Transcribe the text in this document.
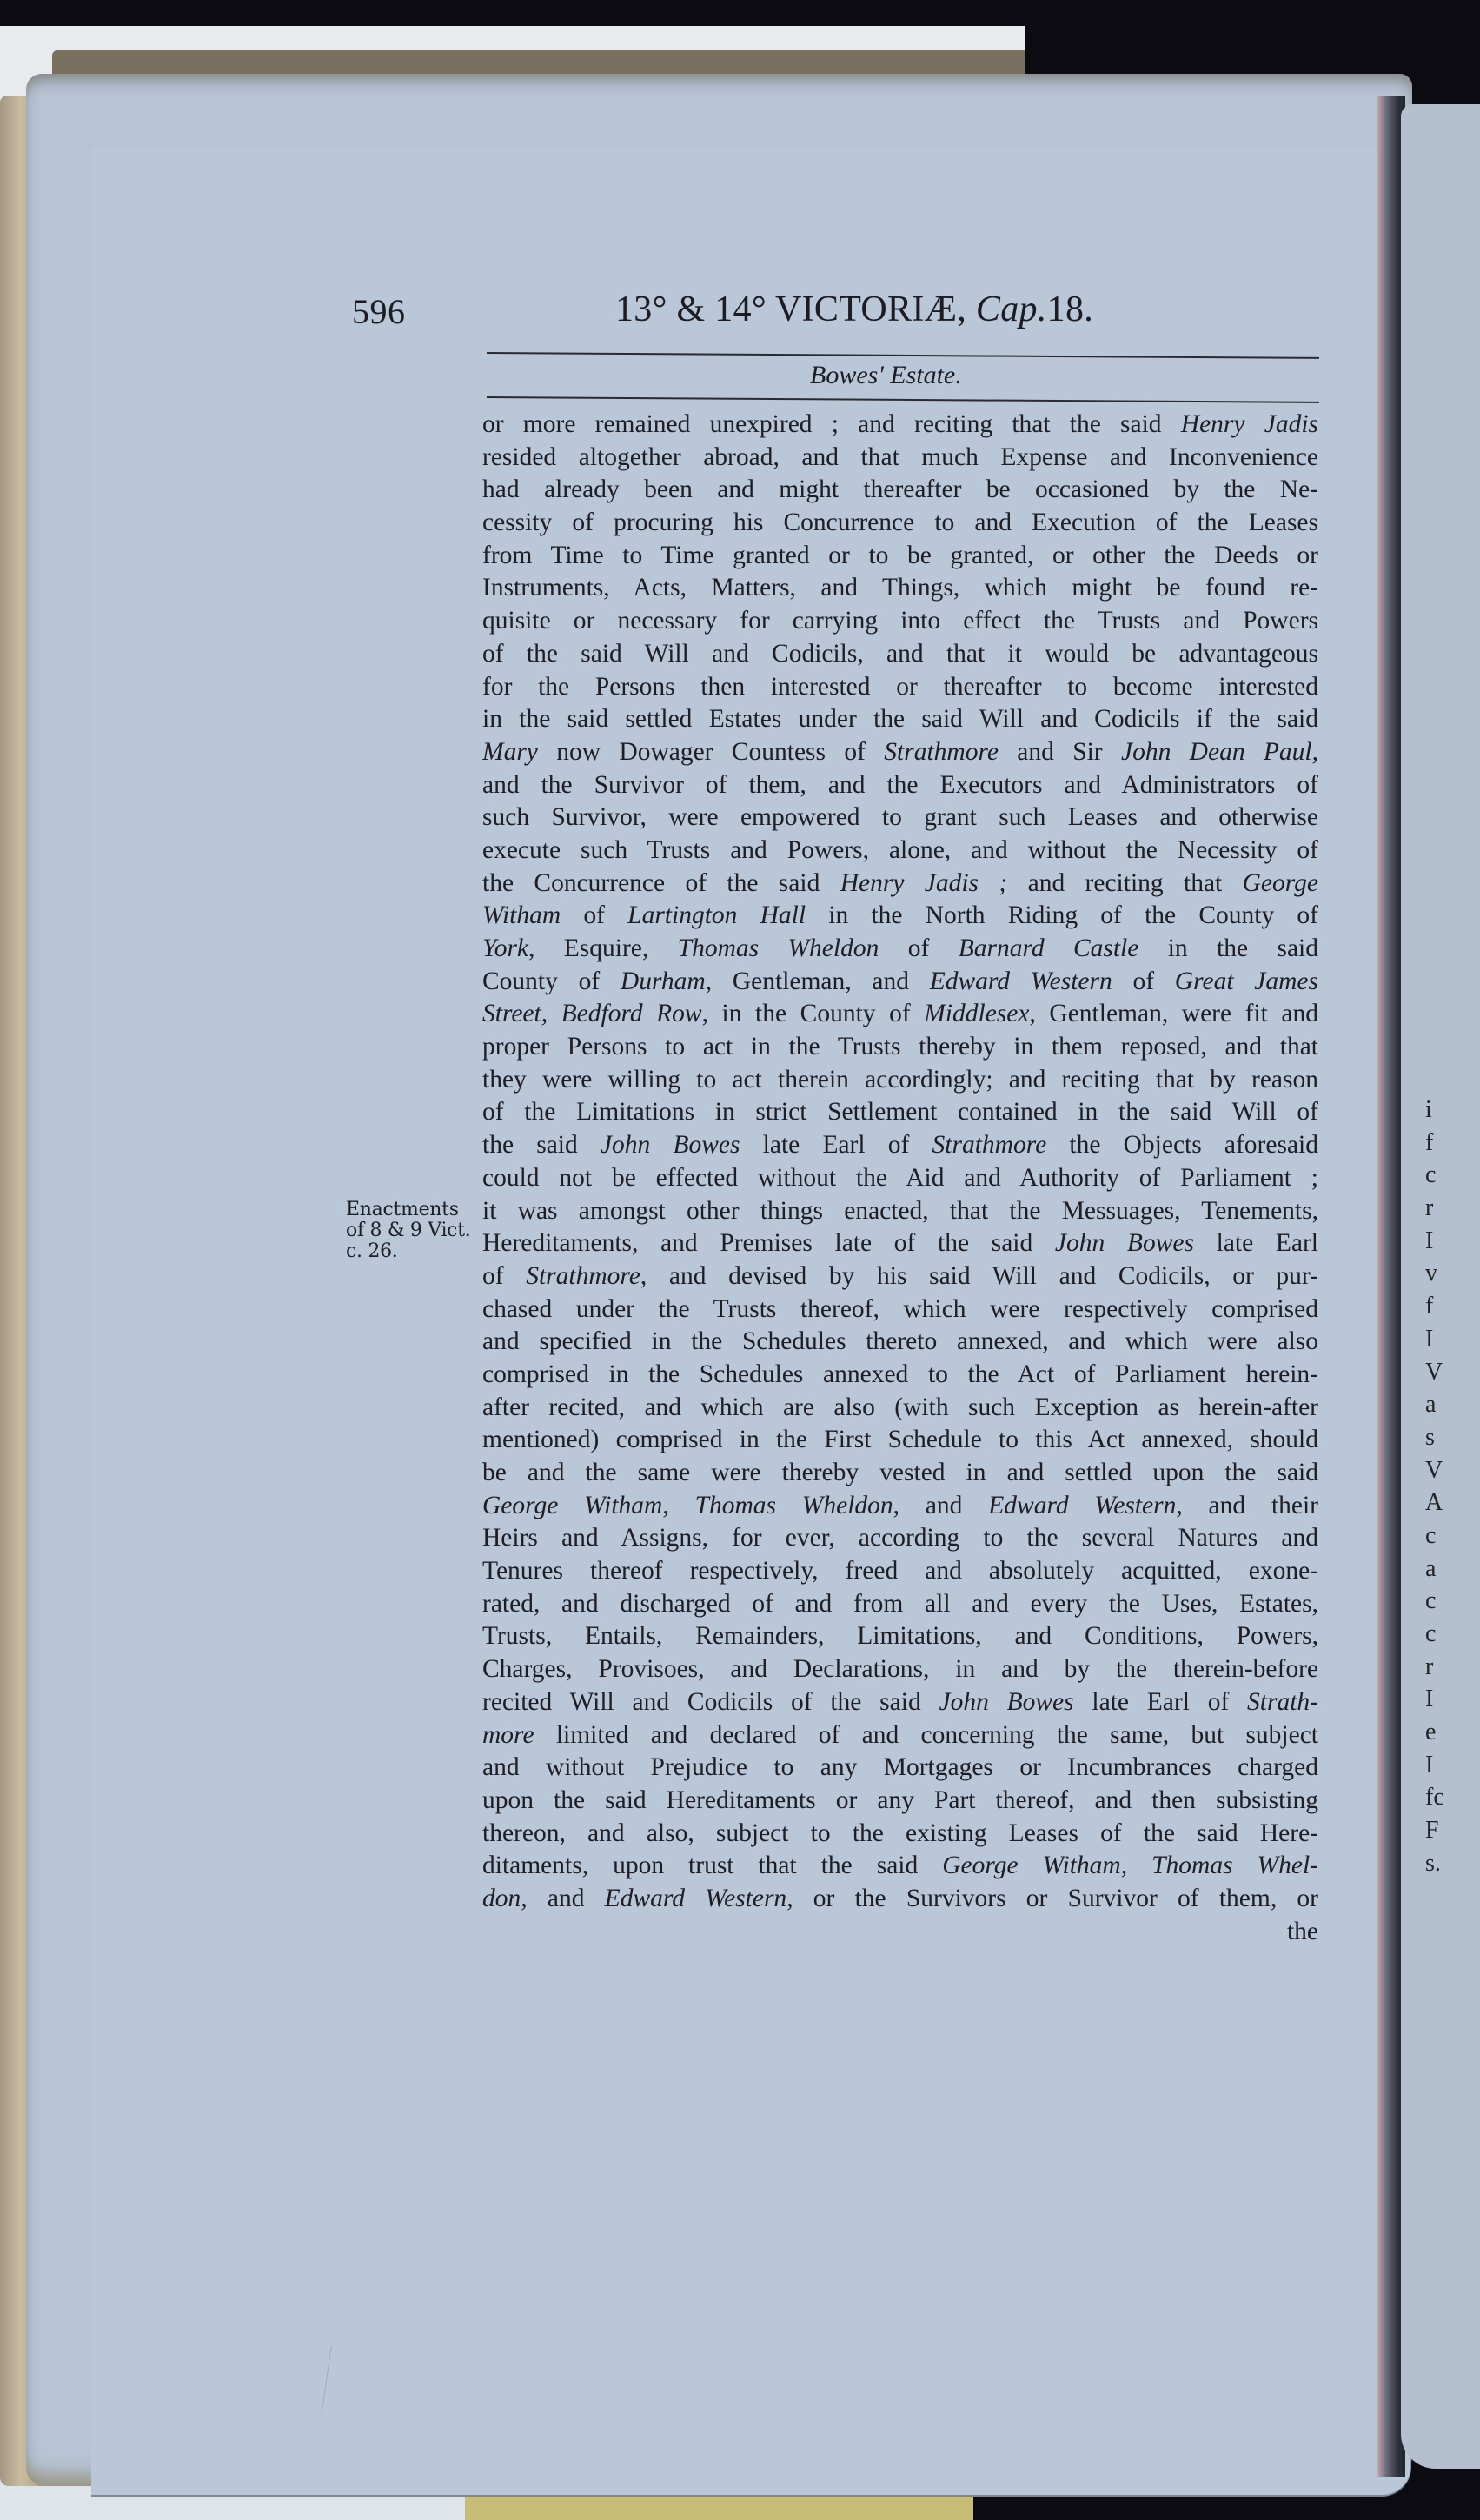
596	13° & 14° VICTORIÆ, Cap.18.
Bowes' Estate.
Enactments
of 8 & 9 Vict.
c. 26.
or more remained unexpired ; and reciting that the said Henry Jadis
resided altogether abroad, and that much Expense and Inconvenience
had already been and might thereafter be occasioned by the Ne-
cessity of procuring his Concurrence to and Execution of the Leases
from Time to Time granted or to be granted, or other the Deeds or
Instruments, Acts, Matters, and Things, which might be found re-
quisite or necessary for carrying into effect the Trusts and Powers
of the said Will and Codicils, and that it would be advantageous
for the Persons then interested or thereafter to become interested
in the said settled Estates under the said Will and Codicils if the said
Mary now Dowager Countess of Strathmore and Sir John Dean Paul,
and the Survivor of them, and the Executors and Administrators of
such Survivor, were empowered to grant such Leases and otherwise
execute such Trusts and Powers, alone, and without the Necessity of
the Concurrence of the said Henry Jadis ; and reciting that George
Witham of Lartington Hall in the North Riding of the County of
York, Esquire, Thomas Wheldon of Barnard Castle in the said
County of Durham, Gentleman, and Edward Western of Great James
Street, Bedford Row, in the County of Middlesex, Gentleman, were fit and
proper Persons to act in the Trusts thereby in them reposed, and that
they were willing to act therein accordingly; and reciting that by reason
of the Limitations in strict Settlement contained in the said Will of
the said John Bowes late Earl of Strathmore the Objects aforesaid
could not be effected without the Aid and Authority of Parliament ;
it was amongst other things enacted, that the Messuages, Tenements,
Hereditaments, and Premises late of the said John Bowes late Earl
of Strathmore, and devised by his said Will and Codicils, or pur-
chased under the Trusts thereof, which were respectively comprised
and specified in the Schedules thereto annexed, and which were also
comprised in the Schedules annexed to the Act of Parliament herein-
after recited, and which are also (with such Exception as herein-after
mentioned) comprised in the First Schedule to this Act annexed, should
be and the same were thereby vested in and settled upon the said
George Witham, Thomas Wheldon, and Edward Western, and their
Heirs and Assigns, for ever, according to the several Natures and
Tenures thereof respectively, freed and absolutely acquitted, exone-
rated, and discharged of and from all and every the Uses, Estates,
Trusts, Entails, Remainders, Limitations, and Conditions, Powers,
Charges, Provisoes, and Declarations, in and by the therein-before
recited Will and Codicils of the said John Bowes late Earl of Strath-
more limited and declared of and concerning the same, but subject
and without Prejudice to any Mortgages or Incumbrances charged
upon the said Hereditaments or any Part thereof, and then subsisting
thereon, and also, subject to the existing Leases of the said Here-
ditaments, upon trust that the said George Witham, Thomas Whel-
don, and Edward Western, or the Survivors or Survivor of them, or
the
i
f
c
r
I
v
f
I
V
a
s
V
A
c
a
c
c
r
I
e
I
fc
F
s.
